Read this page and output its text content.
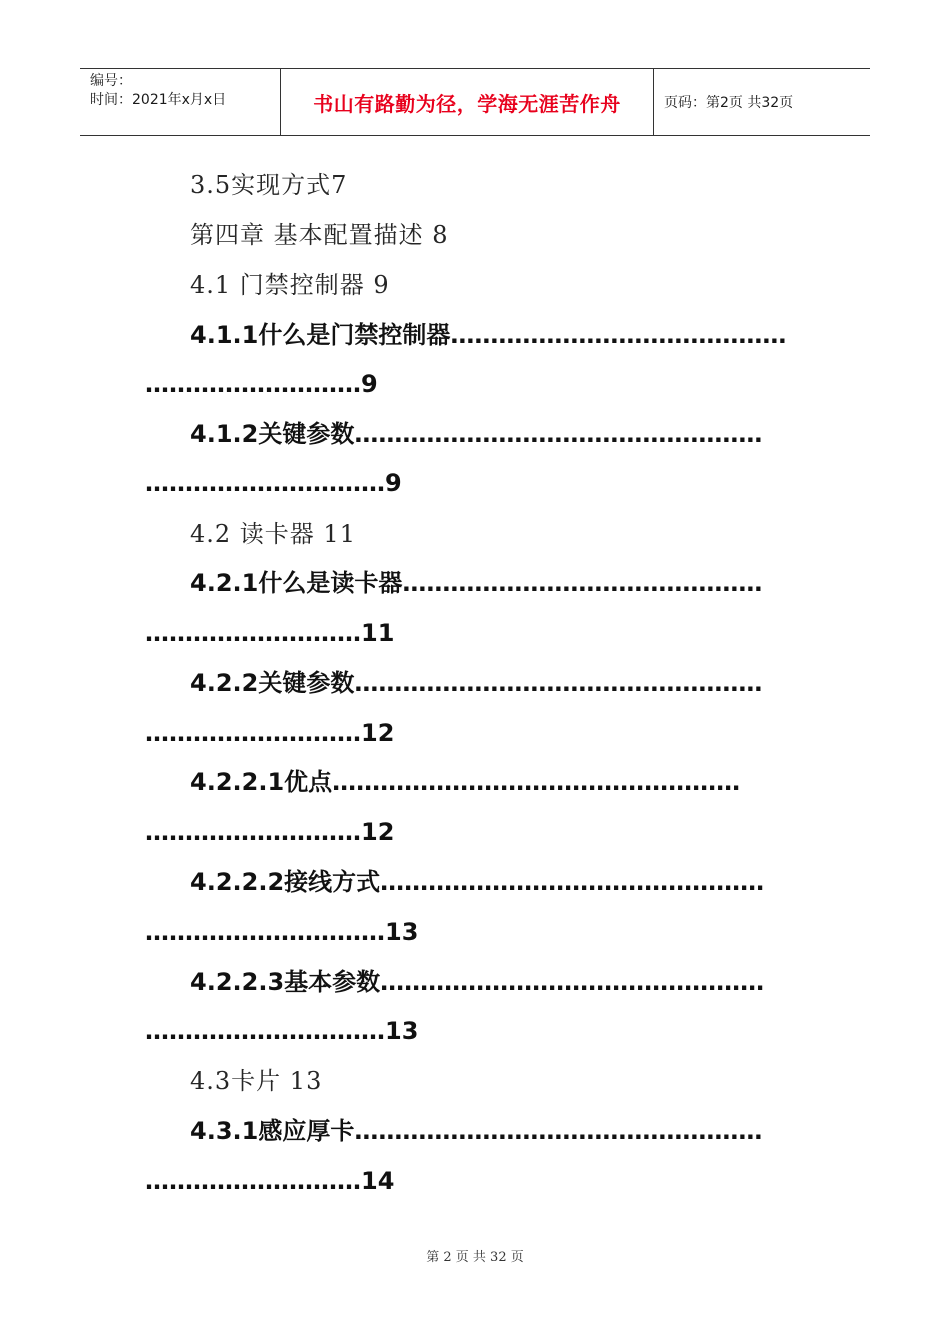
编号：
时间：2021年x月x日	书山有路勤为径，学海无涯苦作舟	页码：第2页 共32页
3.5实现方式7
第四章 基本配置描述 8
4.1 门禁控制器 9
4.1.1什么是门禁控制器……………………………………
………………………9
4.1.2关键参数……………………………………………
…………………………9
4.2 读卡器 11
4.2.1什么是读卡器………………………………………
………………………11
4.2.2关键参数……………………………………………
………………………12
4.2.2.1优点……………………………………………
………………………12
4.2.2.2接线方式…………………………………………
…………………………13
4.2.2.3基本参数…………………………………………
…………………………13
4.3卡片 13
4.3.1感应厚卡……………………………………………
………………………14
第 2 页 共 32 页
